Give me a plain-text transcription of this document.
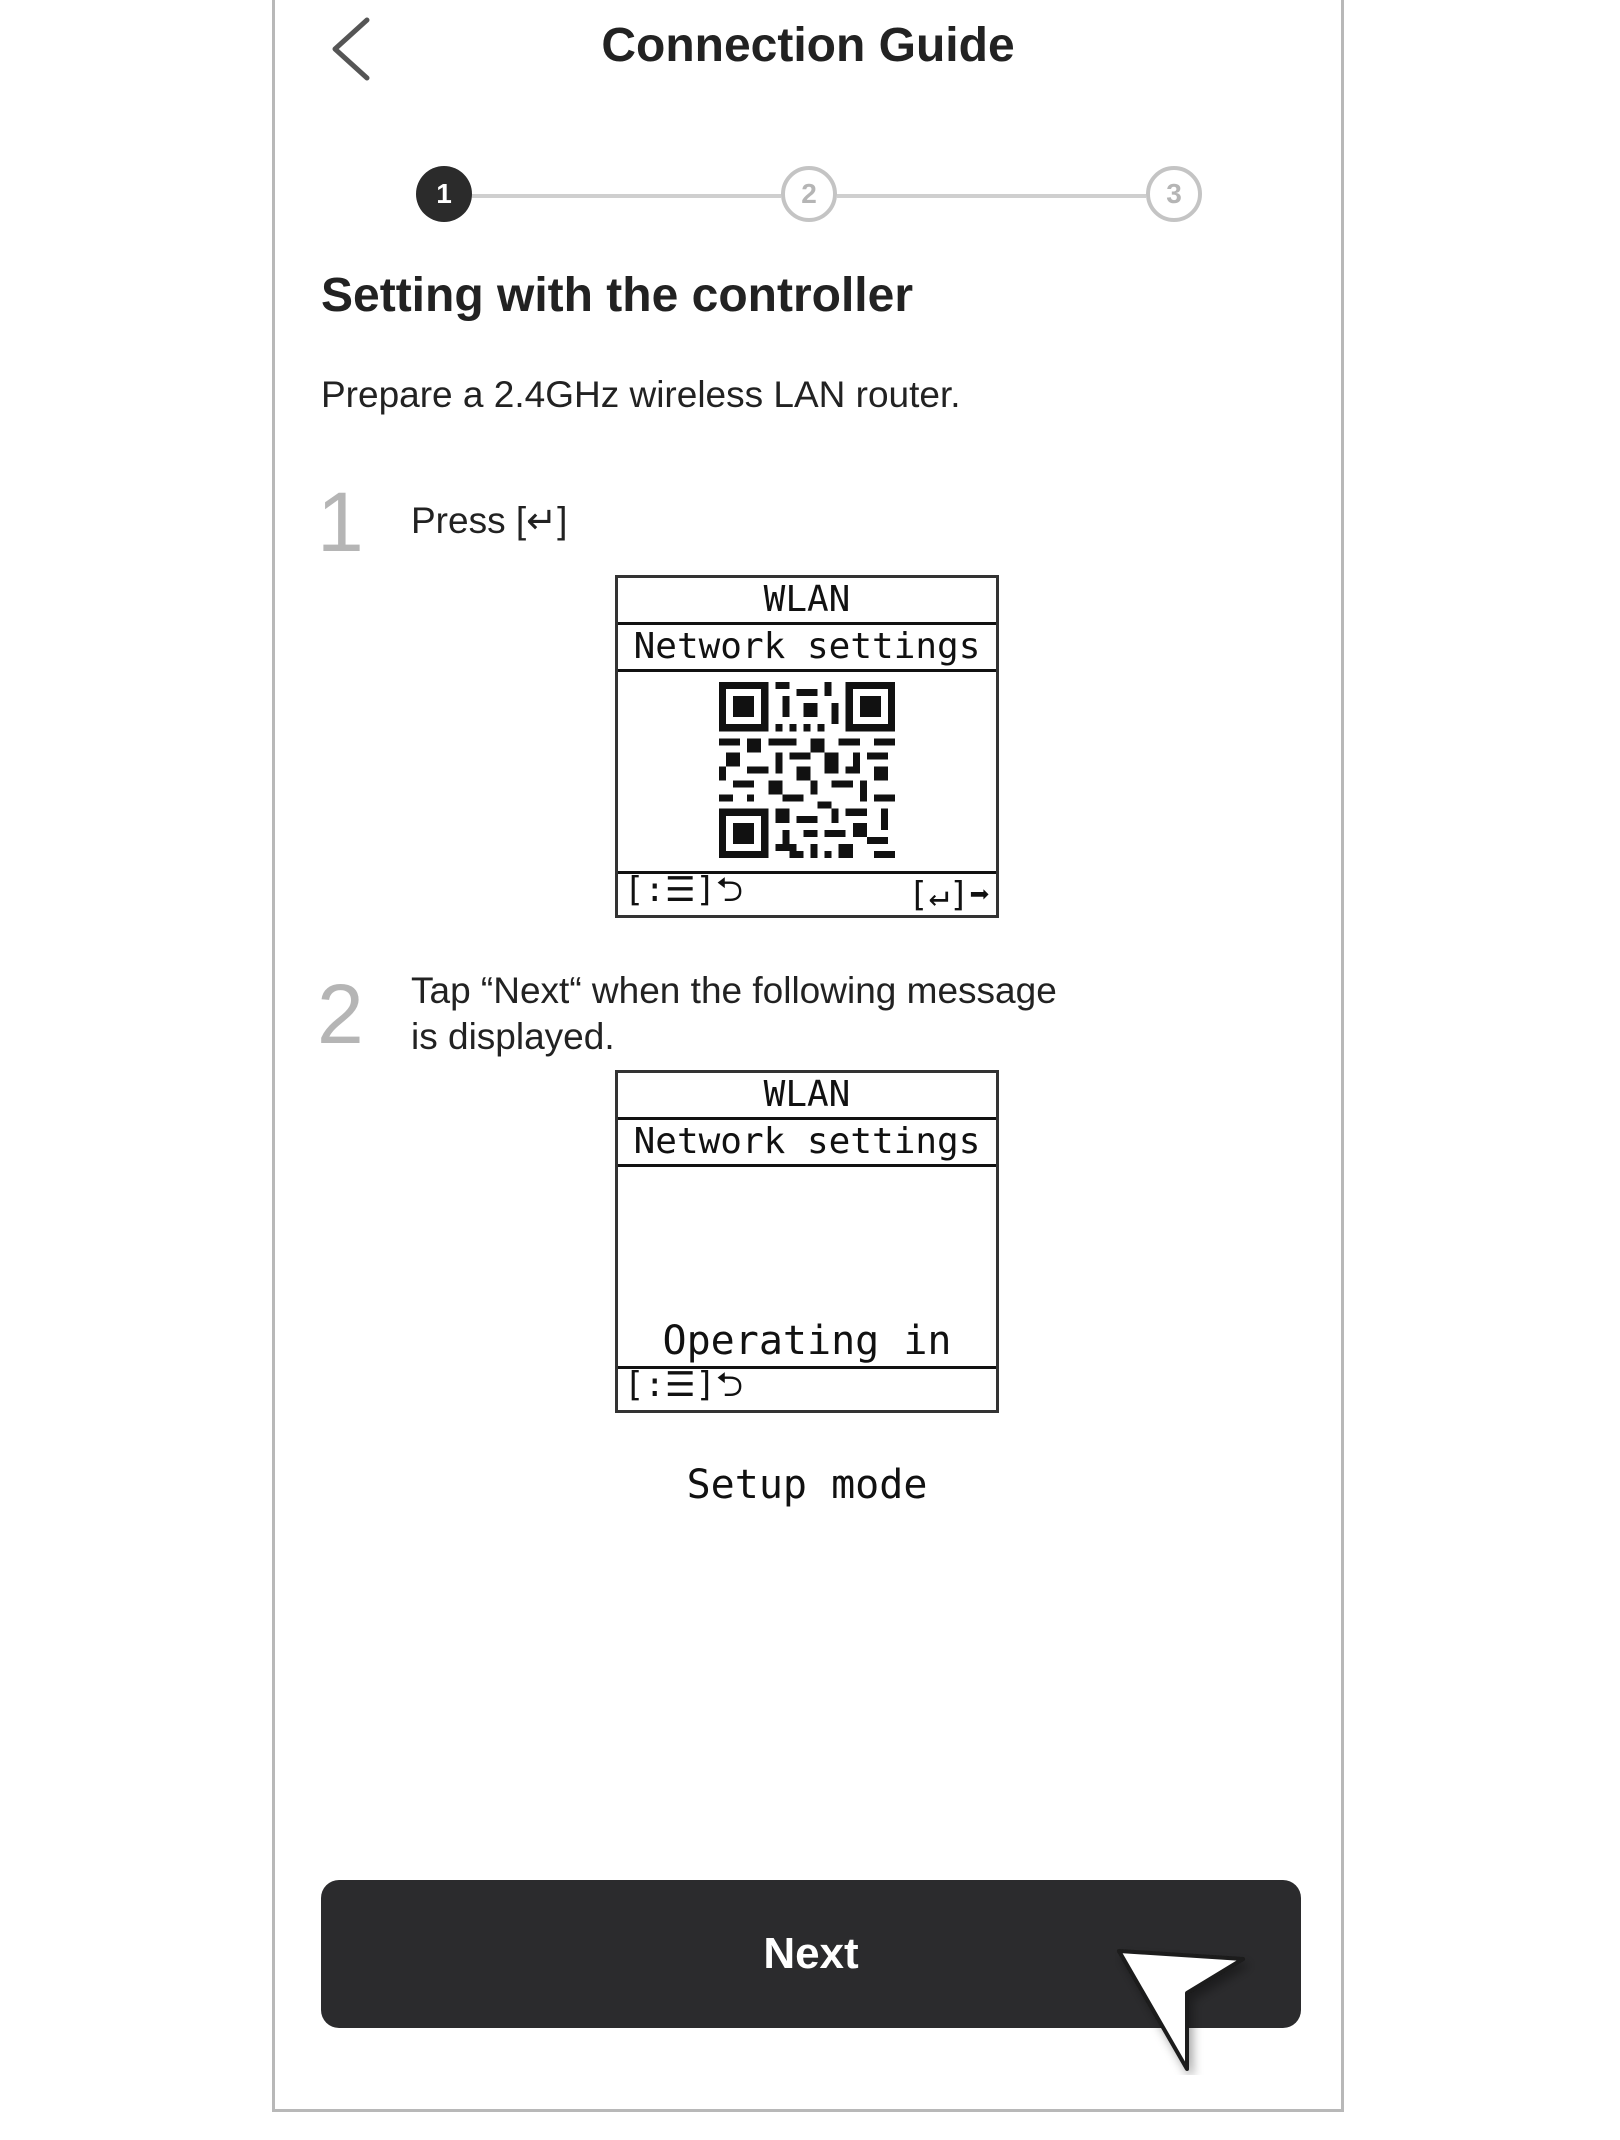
Connection Guide
1	2	3
Setting with the controller
Prepare a 2.4GHz wireless LAN router.
1 Press [↵]
WLAN
Network settings
[:☰]⮌	[↵]➡
2 Tap “Next“ when the following message
is displayed.
WLAN
Network settings

Operating in

Setup mode

[:☰]⮌
Next
